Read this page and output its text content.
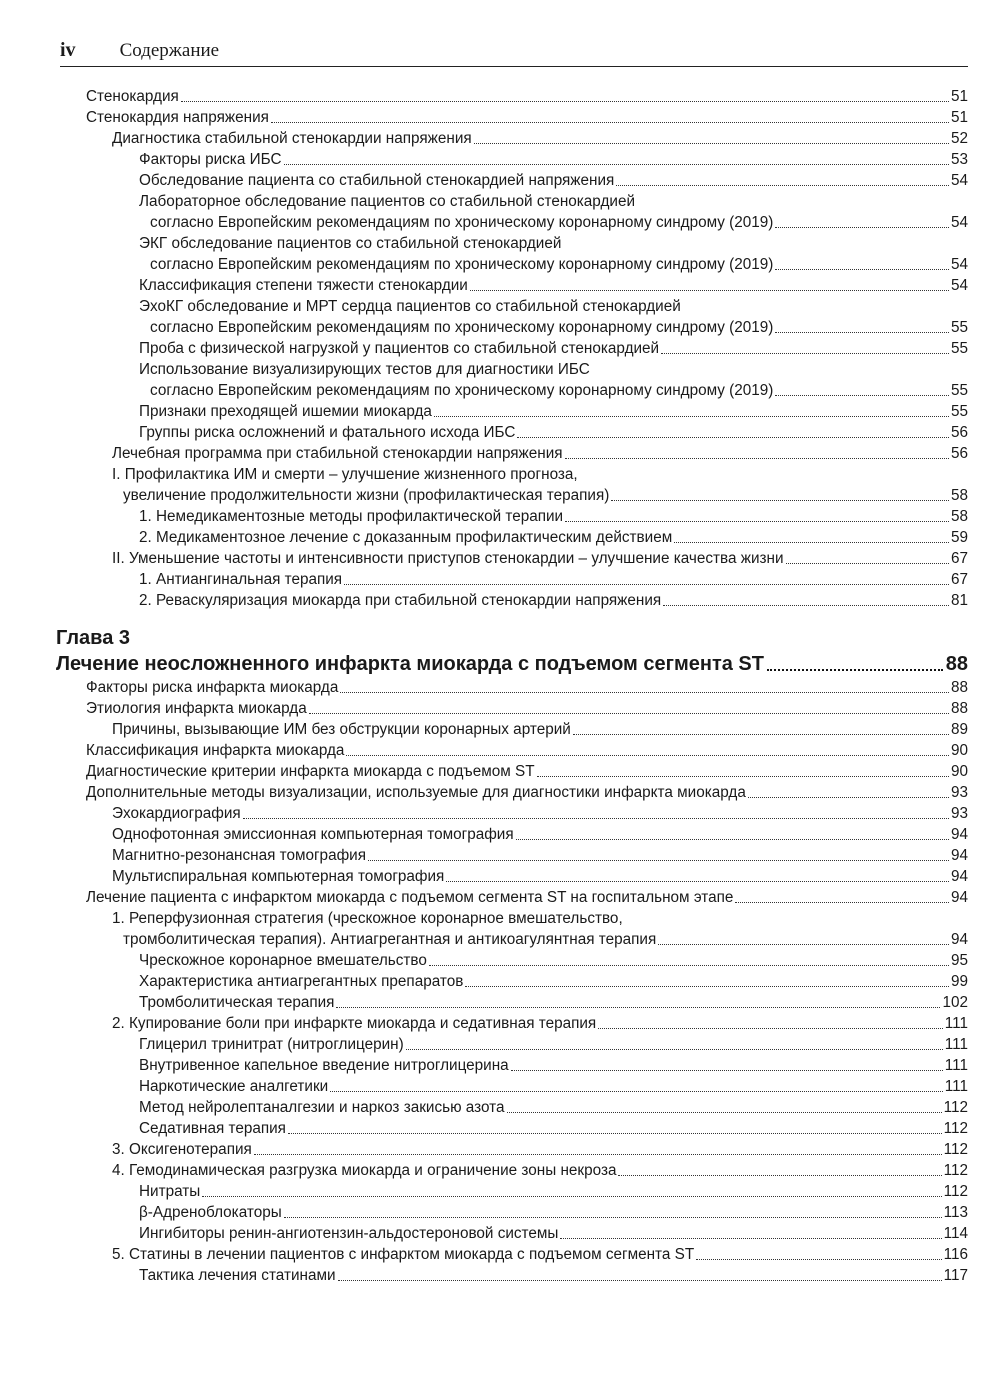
iv Содержание
Стенокардия	51
Стенокардия напряжения	51
Диагностика стабильной стенокардии напряжения	52
Факторы риска ИБС	53
Обследование пациента со стабильной стенокардией напряжения	54
Лабораторное обследование пациентов со стабильной стенокардией
согласно Европейским рекомендациям по хроническому коронарному синдрому (2019)	54
ЭКГ обследование пациентов со стабильной стенокардией
согласно Европейским рекомендациям по хроническому коронарному синдрому (2019)	54
Классификация степени тяжести стенокардии	54
ЭхоКГ обследование и МРТ сердца пациентов со стабильной стенокардией
согласно Европейским рекомендациям по хроническому коронарному синдрому (2019)	55
Проба с физической нагрузкой у пациентов со стабильной стенокардией	55
Использование визуализирующих тестов для диагностики ИБС
согласно Европейским рекомендациям по хроническому коронарному синдрому (2019)	55
Признаки преходящей ишемии миокарда	55
Группы риска осложнений и фатального исхода ИБС	56
Лечебная программа при стабильной стенокардии напряжения	56
I. Профилактика ИМ и смерти – улучшение жизненного прогноза,
увеличение продолжительности жизни (профилактическая терапия)	58
1. Немедикаментозные методы профилактической терапии	58
2. Медикаментозное лечение с доказанным профилактическим действием	59
II. Уменьшение частоты и интенсивности приступов стенокардии – улучшение качества жизни	67
1. Антиангинальная терапия	67
2. Реваскуляризация миокарда при стабильной стенокардии напряжения	81
Глава 3
Лечение неосложненного инфаркта миокарда с подъемом сегмента ST	88
Факторы риска инфаркта миокарда	88
Этиология инфаркта миокарда	88
Причины, вызывающие ИМ без обструкции коронарных артерий	89
Классификация инфаркта миокарда	90
Диагностические критерии инфаркта миокарда с подъемом ST	90
Дополнительные методы визуализации, используемые для диагностики инфаркта миокарда	93
Эхокардиография	93
Однофотонная эмиссионная компьютерная томография	94
Магнитно-резонансная томография	94
Мультиспиральная компьютерная томография	94
Лечение пациента с инфарктом миокарда с подъемом сегмента ST на госпитальном этапе	94
1. Реперфузионная стратегия (чрескожное коронарное вмешательство,
тромболитическая терапия). Антиагрегантная и антикоагулянтная терапия	94
Чрескожное коронарное вмешательство	95
Характеристика антиагрегантных препаратов	99
Тромболитическая терапия	102
2. Купирование боли при инфаркте миокарда и седативная терапия	111
Глицерил тринитрат (нитроглицерин)	111
Внутривенное капельное введение нитроглицерина	111
Наркотические аналгетики	111
Метод нейролептаналгезии и наркоз закисью азота	112
Седативная терапия	112
3. Оксигенотерапия	112
4. Гемодинамическая разгрузка миокарда и ограничение зоны некроза	112
Нитраты	112
β-Адреноблокаторы	113
Ингибиторы ренин-ангиотензин-альдостероновой системы	114
5. Статины в лечении пациентов с инфарктом миокарда с подъемом сегмента ST	116
Тактика лечения статинами	117
